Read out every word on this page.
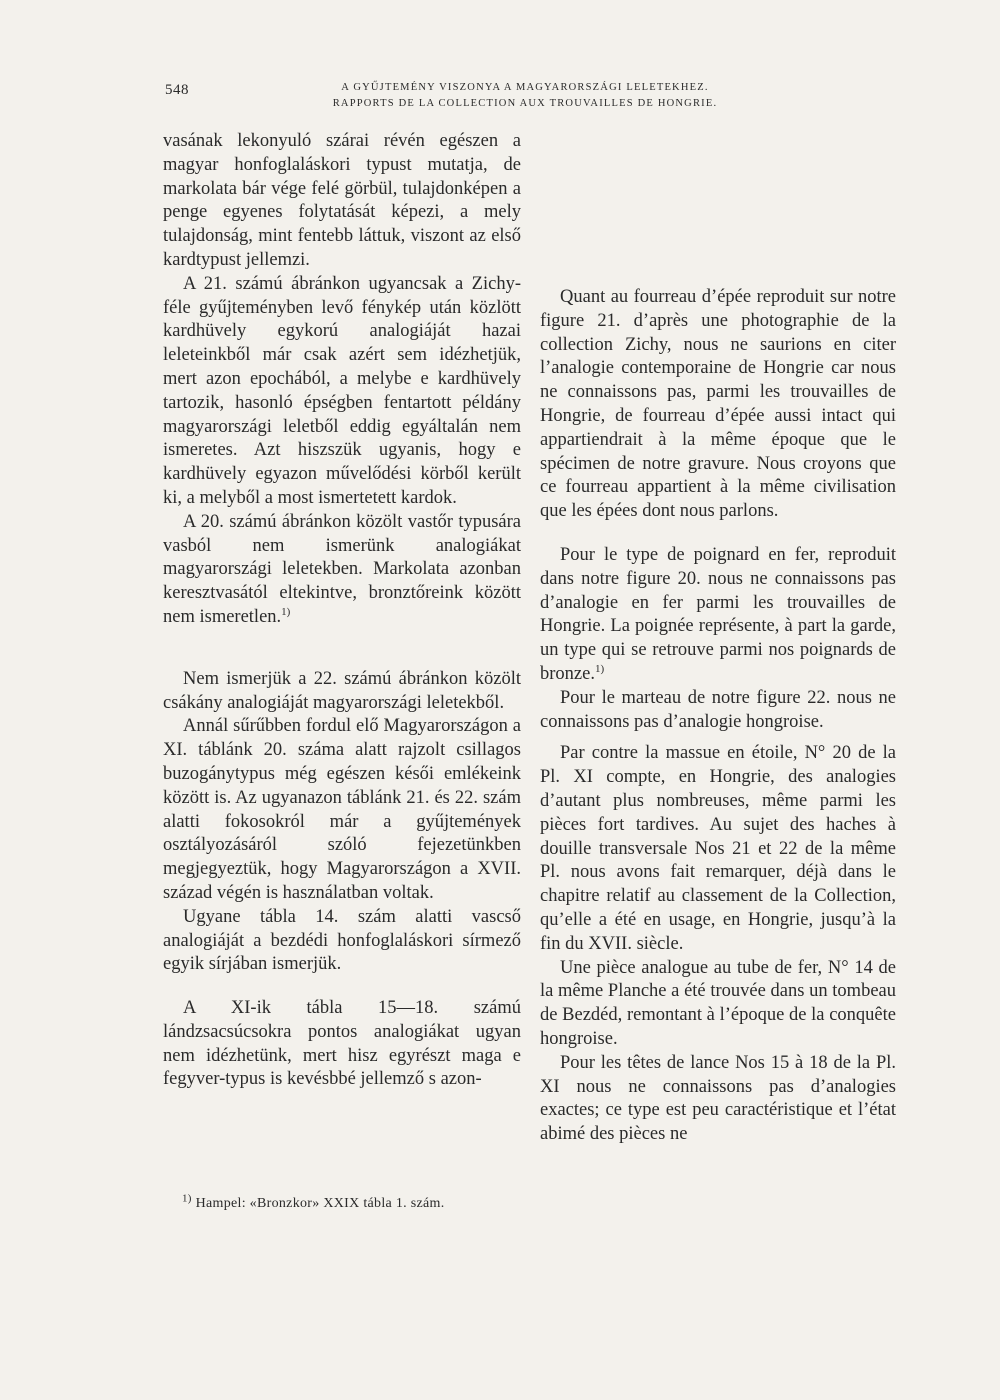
548	A GYŰJTEMÉNY VISZONYA A MAGYARORSZÁGI LELETEKHEZ.
RAPPORTS DE LA COLLECTION AUX TROUVAILLES DE HONGRIE.

vasának lekonyuló szárai révén egészen a magyar honfoglaláskori typust mutatja, de markolata bár vége felé görbül, tulajdonképen a penge egyenes folytatását képezi, a mely tulajdonság, mint fentebb láttuk, viszont az első kardtypust jellemzi.

A 21. számú ábránkon ugyancsak a Zichy-féle gyűjteményben levő fénykép után közlött kardhüvely egykorú analogiáját hazai leleteinkből már csak azért sem idézhetjük, mert azon epochából, a melybe e kardhüvely tartozik, hasonló épségben fentartott példány magyarországi leletből eddig egyáltalán nem ismeretes. Azt hiszszük ugyanis, hogy e kardhüvely egyazon művelődési körből került ki, a melyből a most ismertetett kardok.

A 20. számú ábránkon közölt vastőr typusára vasból nem ismerünk analogiákat magyarországi leletekben. Markolata azonban keresztvasától eltekintve, bronztőreink között nem ismeretlen.$^{1)}$

Nem ismerjük a 22. számú ábránkon közölt csákány analogiáját magyarországi leletekből.

Annál sűrűbben fordul elő Magyarországon a XI. táblánk 20. száma alatt rajzolt csillagos buzogánytypus még egészen késői emlékeink között is. Az ugyanazon táblánk 21. és 22. szám alatti fokosokról már a gyűjtemények osztályozásáról szóló fejezetünkben megjegyeztük, hogy Magyarországon a XVII. század végén is használatban voltak.

Ugyane tábla 14. szám alatti vascső analogiáját a bezdédi honfoglaláskori sírmező egyik sírjában ismerjük.

A XI-ik tábla 15—18. számú lándzsacsúcsokra pontos analogiákat ugyan nem idézhetünk, mert hisz egyrészt maga e fegyver-typus is kevésbbé jellemző s azon-

Quant au fourreau d’épée reproduit sur notre figure 21. d’après une photographie de la collection Zichy, nous ne saurions en citer l’analogie contemporaine de Hongrie car nous ne connaissons pas, parmi les trouvailles de Hongrie, de fourreau d’épée aussi intact qui appartiendrait à la même époque que le spécimen de notre gravure. Nous croyons que ce fourreau appartient à la même civilisation que les épées dont nous parlons.

Pour le type de poignard en fer, reproduit dans notre figure 20. nous ne connaissons pas d’analogie en fer parmi les trouvailles de Hongrie. La poignée représente, à part la garde, un type qui se retrouve parmi nos poignards de bronze.$^{1)}$

Pour le marteau de notre figure 22. nous ne connaissons pas d’analogie hongroise.

Par contre la massue en étoile, N° 20 de la Pl. XI compte, en Hongrie, des analogies d’autant plus nombreuses, même parmi les pièces fort tardives. Au sujet des haches à douille transversale Nos 21 et 22 de la même Pl. nous avons fait remarquer, déjà dans le chapitre relatif au classement de la Collection, qu’elle a été en usage, en Hongrie, jusqu’à la fin du XVII. siècle.

Une pièce analogue au tube de fer, N° 14 de la même Planche a été trouvée dans un tombeau de Bezdéd, remontant à l’époque de la conquête hongroise.

Pour les têtes de lance Nos 15 à 18 de la Pl. XI nous ne connaissons pas d’analogies exactes; ce type est peu caractéristique et l’état abimé des pièces ne

$^{1)}$ Hampel: «Bronzkor» XXIX tábla 1. szám.
